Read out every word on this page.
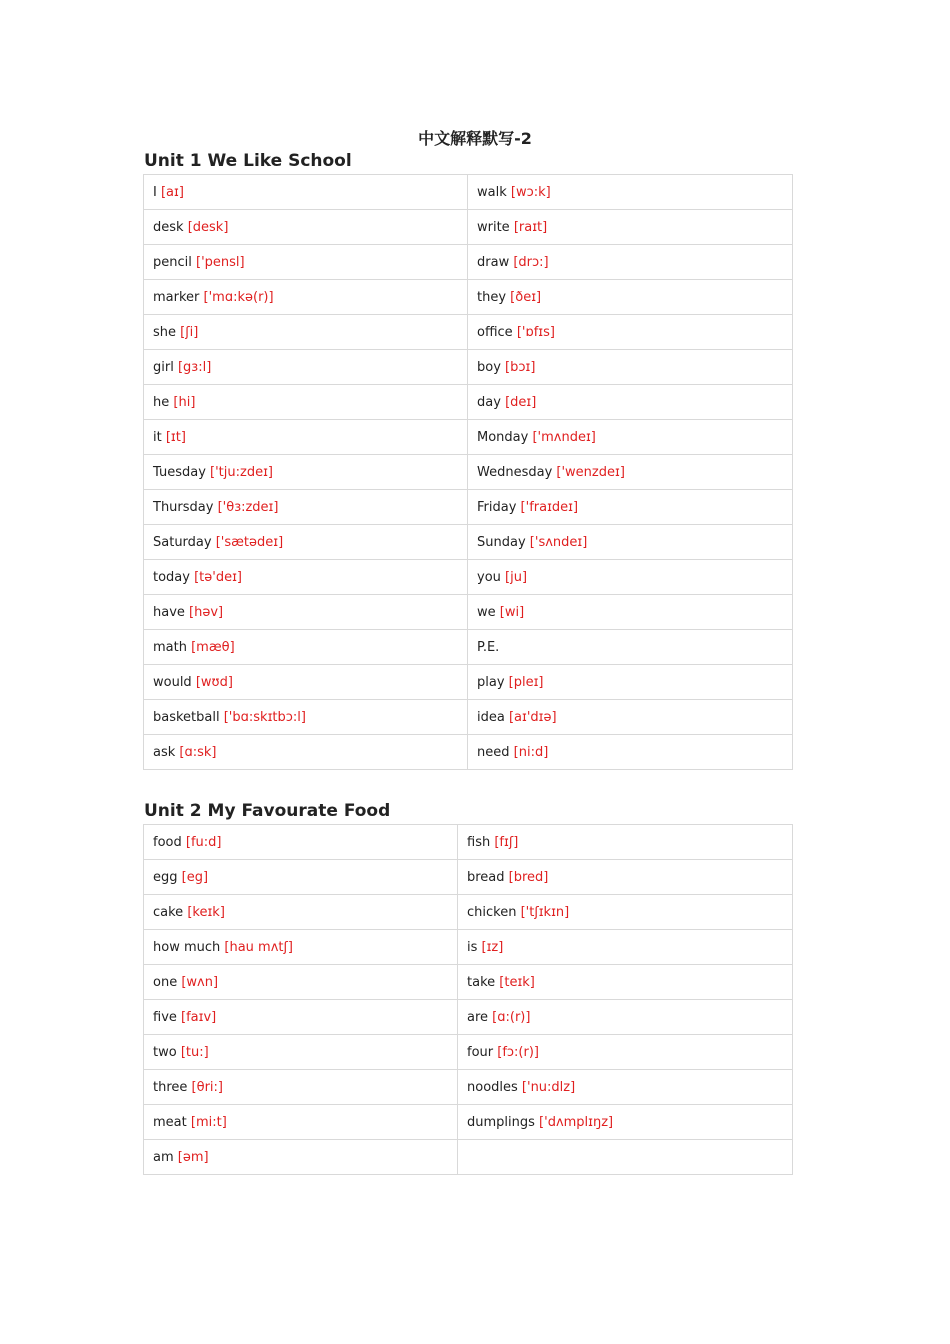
中文解释默写-2
Unit 1 We Like School
I [aɪ]	walk [wɔ:k]
desk [desk]	write [raɪt]
pencil ['pensl]	draw [drɔ:]
marker ['mɑ:kə(r)]	they [ðeɪ]
she [ʃi]	office ['ɒfɪs]
girl [gɜ:l]	boy [bɔɪ]
he [hi]	day [deɪ]
it [ɪt]	Monday ['mʌndeɪ]
Tuesday ['tju:zdeɪ]	Wednesday ['wenzdeɪ]
Thursday ['θɜ:zdeɪ]	Friday ['fraɪdeɪ]
Saturday ['sætədeɪ]	Sunday ['sʌndeɪ]
today [tə'deɪ]	you [ju]
have [həv]	we [wi]
math [mæθ]	P.E.
would [wʊd]	play [pleɪ]
basketball ['bɑ:skɪtbɔ:l]	idea [aɪ'dɪə]
ask [ɑ:sk]	need [ni:d]
Unit 2 My Favourate Food
food [fu:d]	fish [fɪʃ]
egg [eg]	bread [bred]
cake [keɪk]	chicken ['tʃɪkɪn]
how much [hau mʌtʃ]	is [ɪz]
one [wʌn]	take [teɪk]
five [faɪv]	are [ɑ:(r)]
two [tu:]	four [fɔ:(r)]
three [θri:]	noodles ['nu:dlz]
meat [mi:t]	dumplings ['dʌmplɪŋz]
am [əm]	
